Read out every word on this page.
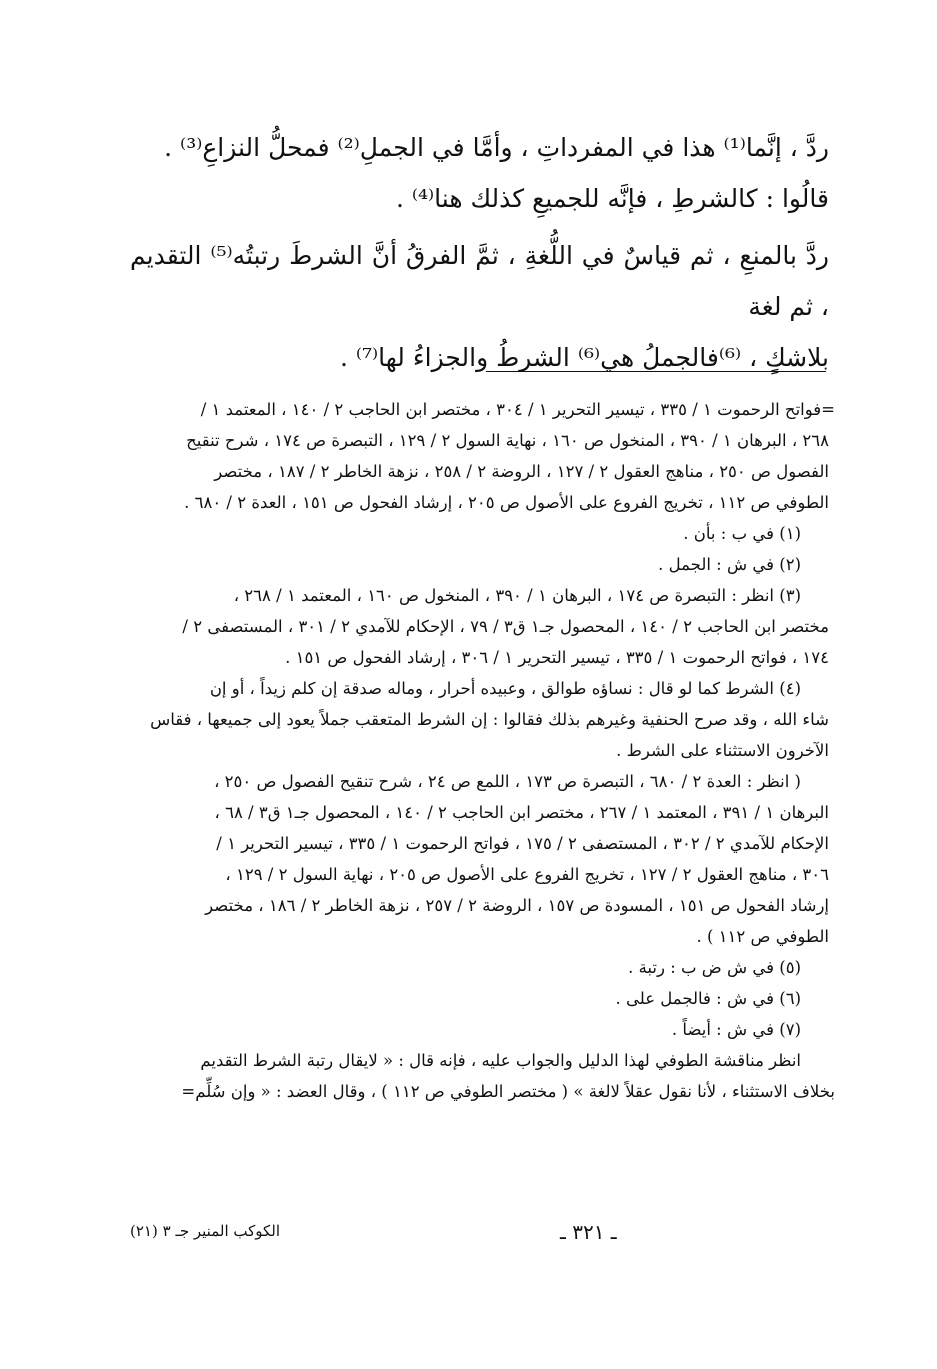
ردَّ ، إنَّما⁽¹⁾ هذا في المفرداتِ ، وأمَّا في الجملِ⁽²⁾ فمحلُّ النزاعِ⁽³⁾ .

قالُوا : كالشرطِ ، فإنَّه للجميعِ كذلك هنا⁽⁴⁾ .

ردَّ بالمنعِ ، ثم قياسٌ في اللُّغةِ ، ثمَّ الفرقُ أنَّ الشرطَ رتبتُه⁽⁵⁾ التقديم ، ثم لغة

بلاشكٍ ، ⁽⁶⁾فالجملُ هي⁽⁶⁾ الشرطُ والجزاءُ لها⁽⁷⁾ .

=فواتح الرحموت ١ / ٣٣٥ ، تيسير التحرير ١ / ٣٠٤ ، مختصر ابن الحاجب ٢ / ١٤٠ ، المعتمد ١ /

٢٦٨ ، البرهان ١ / ٣٩٠ ، المنخول ص ١٦٠ ، نهاية السول ٢ / ١٢٩ ، التبصرة ص ١٧٤ ، شرح تنقيح

الفصول ص ٢٥٠ ، مناهج العقول ٢ / ١٢٧ ، الروضة ٢ / ٢٥٨ ، نزهة الخاطر ٢ / ١٨٧ ، مختصر

الطوفي ص ١١٢ ، تخريج الفروع على الأصول ص ٢٠٥ ، إرشاد الفحول ص ١٥١ ، العدة ٢ / ٦٨٠ .

(١) في ب : بأن .

(٢) في ش : الجمل .

(٣) انظر : التبصرة ص ١٧٤ ، البرهان ١ / ٣٩٠ ، المنخول ص ١٦٠ ، المعتمد ١ / ٢٦٨ ،

مختصر ابن الحاجب ٢ / ١٤٠ ، المحصول جـ١ ق٣ / ٧٩ ، الإحكام للآمدي ٢ / ٣٠١ ، المستصفى ٢ /

١٧٤ ، فواتح الرحموت ١ / ٣٣٥ ، تيسير التحرير ١ / ٣٠٦ ، إرشاد الفحول ص ١٥١ .

(٤) الشرط كما لو قال : نساؤه طوالق ، وعبيده أحرار ، وماله صدقة إن كلم زيداً ، أو إن

شاء الله ، وقد صرح الحنفية وغيرهم بذلك فقالوا : إن الشرط المتعقب جملاً يعود إلى جميعها ، فقاس

الآخرون الاستثناء على الشرط .

( انظر : العدة ٢ / ٦٨٠ ، التبصرة ص ١٧٣ ، اللمع ص ٢٤ ، شرح تنقيح الفصول ص ٢٥٠ ،

البرهان ١ / ٣٩١ ، المعتمد ١ / ٢٦٧ ، مختصر ابن الحاجب ٢ / ١٤٠ ، المحصول جـ١ ق٣ / ٦٨ ،

الإحكام للآمدي ٢ / ٣٠٢ ، المستصفى ٢ / ١٧٥ ، فواتح الرحموت ١ / ٣٣٥ ، تيسير التحرير ١ /

٣٠٦ ، مناهج العقول ٢ / ١٢٧ ، تخريج الفروع على الأصول ص ٢٠٥ ، نهاية السول ٢ / ١٢٩ ،

إرشاد الفحول ص ١٥١ ، المسودة ص ١٥٧ ، الروضة ٢ / ٢٥٧ ، نزهة الخاطر ٢ / ١٨٦ ، مختصر

الطوفي ص ١١٢ ) .

(٥) في ش ض ب : رتبة .

(٦) في ش : فالجمل على .

(٧) في ش : أيضاً .

انظر مناقشة الطوفي لهذا الدليل والجواب عليه ، فإنه قال : « لايقال رتبة الشرط التقديم

بخلاف الاستثناء ، لأنا نقول عقلاً لالغة » ( مختصر الطوفي ص ١١٢ ) ، وقال العضد : « وإن سُلِّم=

الكوكب المنير جـ ٣ (٢١)	ـ ٣٢١ ـ
